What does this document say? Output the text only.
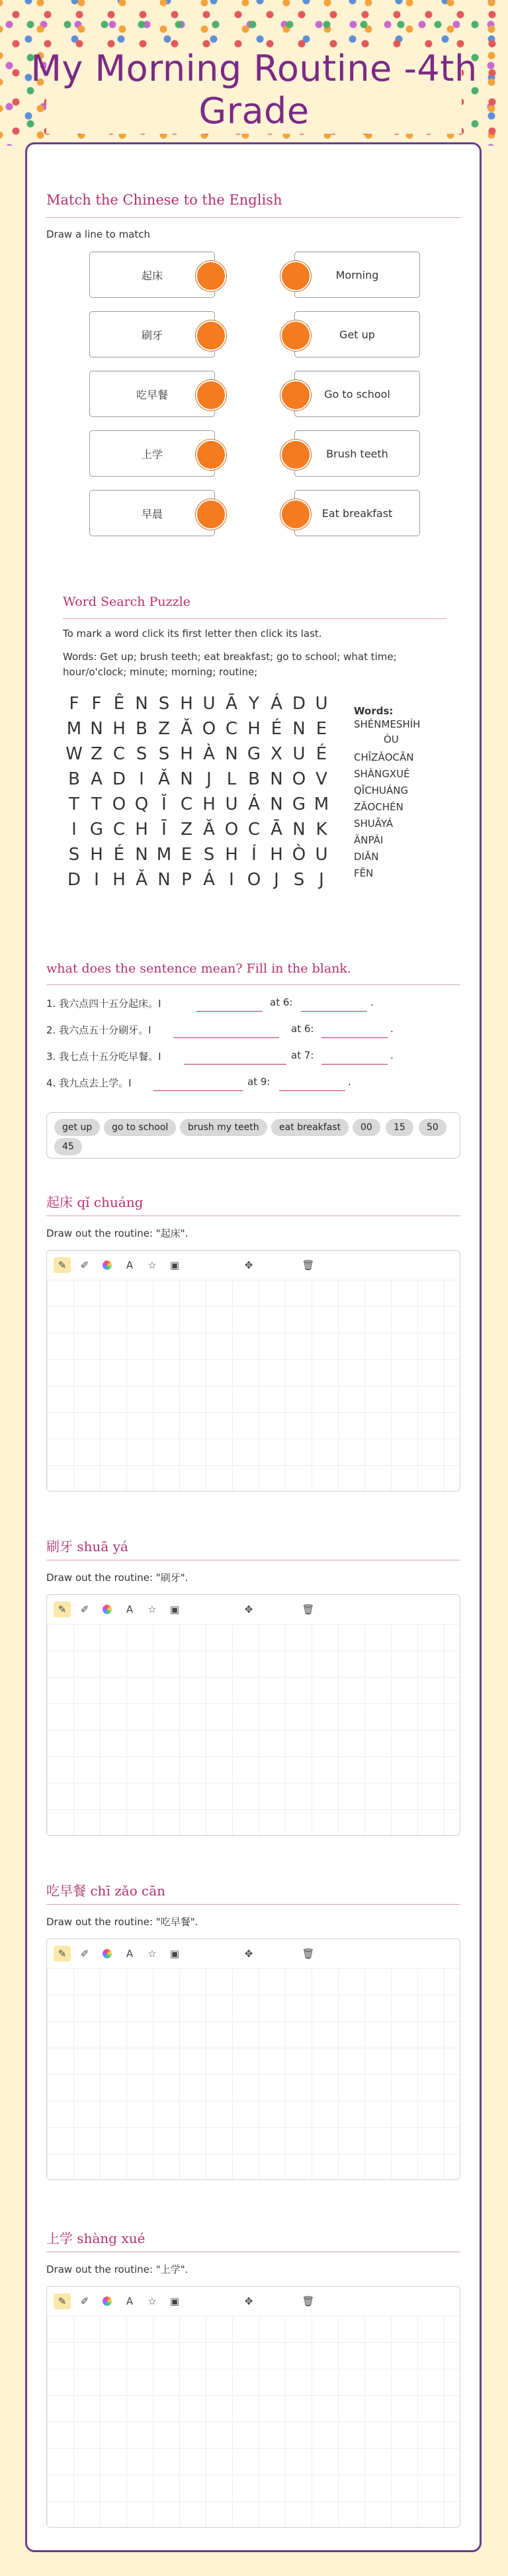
My Morning Routine -4th Grade
Match the Chinese to the English
Draw a line to match
起床
刷牙
吃早餐
上学
早晨
Morning
Get up
Go to school
Brush teeth
Eat breakfast
Word Search Puzzle
To mark a word click its first letter then click its last.
Words: Get up; brush teeth; eat breakfast; go to school; what time;
hour/o'clock; minute; morning; routine;
F F Ê N S H U Ā Y Á D U
M N H B Z Ǎ O C H É N E
W Z C S S H À N G X U É
B A D I Ǎ N J L B N O V
T T O Q Ǐ C H U Á N G M
I G C H Ī Z Ǎ O C Ā N K
S H É N M E S H Í H Ò U
D I H Ǎ N P Á I O J S J
Words:
SHÉNMESHÍH
ÒU
CHĪZǍOCĀN
SHÀNGXUÉ
QǏCHUÁNG
ZǍOCHÉN
SHUĀYÁ
ǍNPÁI
DIǍN
FĒN
what does the sentence mean? Fill in the blank.
1. 我六点四十五分起床。I	at 6:	.
2. 我六点五十分刷牙。I	at 6:	.
3. 我七点十五分吃早餐。I	at 7:	.
4. 我九点去上学。I	at 9:	.
get up	go to school	brush my teeth	eat breakfast	00	15	50
45
起床 qǐ chuáng
Draw out the routine: "起床".
✎	✐	A	☆	▣	✥	🗑
刷牙 shuā yá
Draw out the routine: "刷牙".
✎	✐	A	☆	▣	✥	🗑
吃早餐 chī zǎo cān
Draw out the routine: "吃早餐".
✎	✐	A	☆	▣	✥	🗑
上学 shàng xué
Draw out the routine: "上学".
✎	✐	A	☆	▣	✥	🗑
